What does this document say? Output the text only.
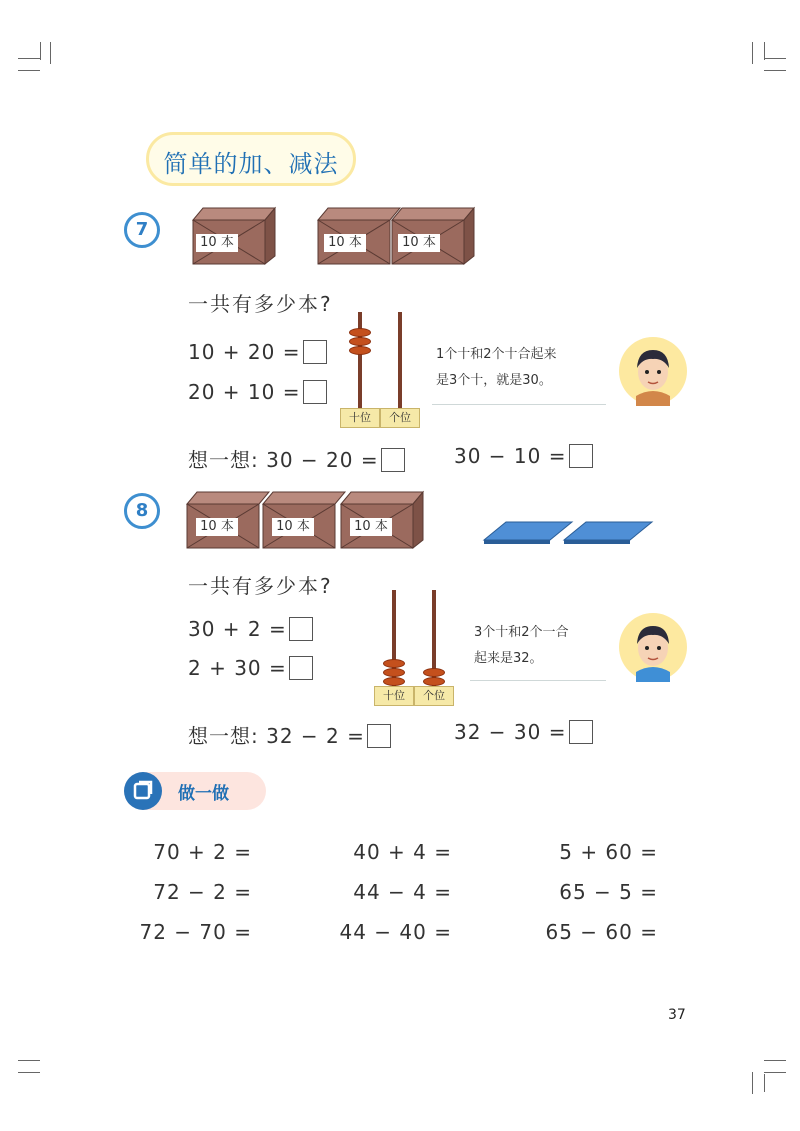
简单的加、减法
7
10 本	10 本	10 本
一共有多少本?
10 + 20 =
20 + 10 =
十位	个位
1个十和2个十合起来
是3个十，就是30。
想一想: 30 − 20 =	30 − 10 =
8
10 本	10 本	10 本
一共有多少本?
30 + 2 =
2 + 30 =
十位	个位
3个十和2个一合
起来是32。
想一想: 32 − 2 =	32 − 30 =
做一做
70 + 2 =	40 + 4 =	5 + 60 =
72 − 2 =	44 − 4 =	65 − 5 =
72 − 70 =	44 − 40 =	65 − 60 =
37
